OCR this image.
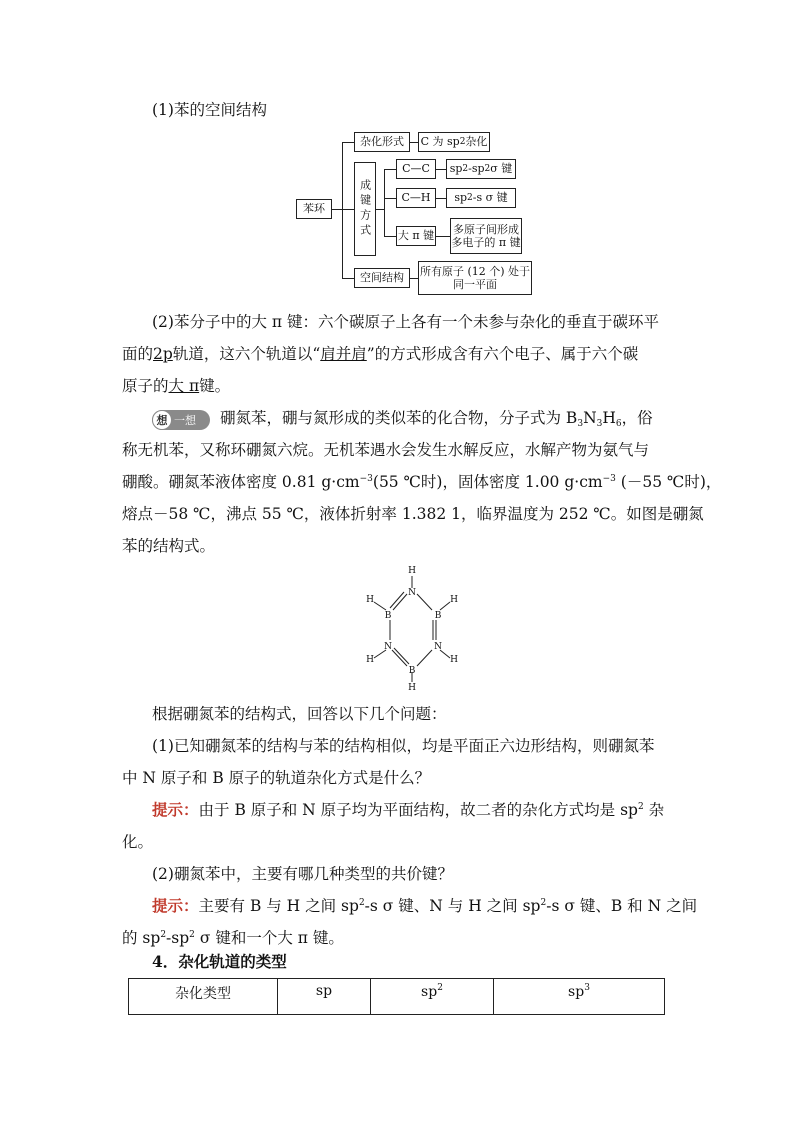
(1)苯的空间结构
苯环
杂化形式	C 为 sp 2 杂化
成键方式
C—C	sp 2 -sp 2 σ 键
C—H	sp 2 -s σ 键
大 π 键
多原子间形成
多电子的 π 键
空间结构
所有原子 (12 个) 处于
同一平面
(2)苯分子中的大 π 键：六个碳原子上各有一个未参与杂化的垂直于碳环平
面的2p轨道，这六个轨道以“肩并肩”的方式形成含有六个电子、属于六个碳
原子的大 π键。
想 一想 硼氮苯，硼与氮形成的类似苯的化合物，分子式为 $B_3N_3H_6$，俗
称无机苯，又称环硼氮六烷。无机苯遇水会发生水解反应，水解产物为氨气与
硼酸。硼氮苯液体密度 0.81 $g\cdot cm^{-3}(55$ ℃时)，固体密度 1.00 $g\cdot cm^{-3}$ (－55 ℃时)，
熔点－58 ℃，沸点 55 ℃，液体折射率 1.382 1，临界温度为 252 ℃。如图是硼氮
苯的结构式。
H
N
H	H
B	B
N	N
H	H
B
H
根据硼氮苯的结构式，回答以下几个问题：
(1)已知硼氮苯的结构与苯的结构相似，均是平面正六边形结构，则硼氮苯
中 N 原子和 B 原子的轨道杂化方式是什么？
提示：由于 B 原子和 N 原子均为平面结构，故二者的杂化方式均是 $sp^2$ 杂
化。
(2)硼氮苯中，主要有哪几种类型的共价键？
提示：主要有 B 与 H 之间 $sp^2-s$ σ 键、N 与 H 之间 $sp^2-s$ σ 键、B 和 N 之间
的 $sp^2-sp^2$ σ 键和一个大 π 键。
4．杂化轨道的类型
杂化类型	sp	$sp^2$	$sp^3$
